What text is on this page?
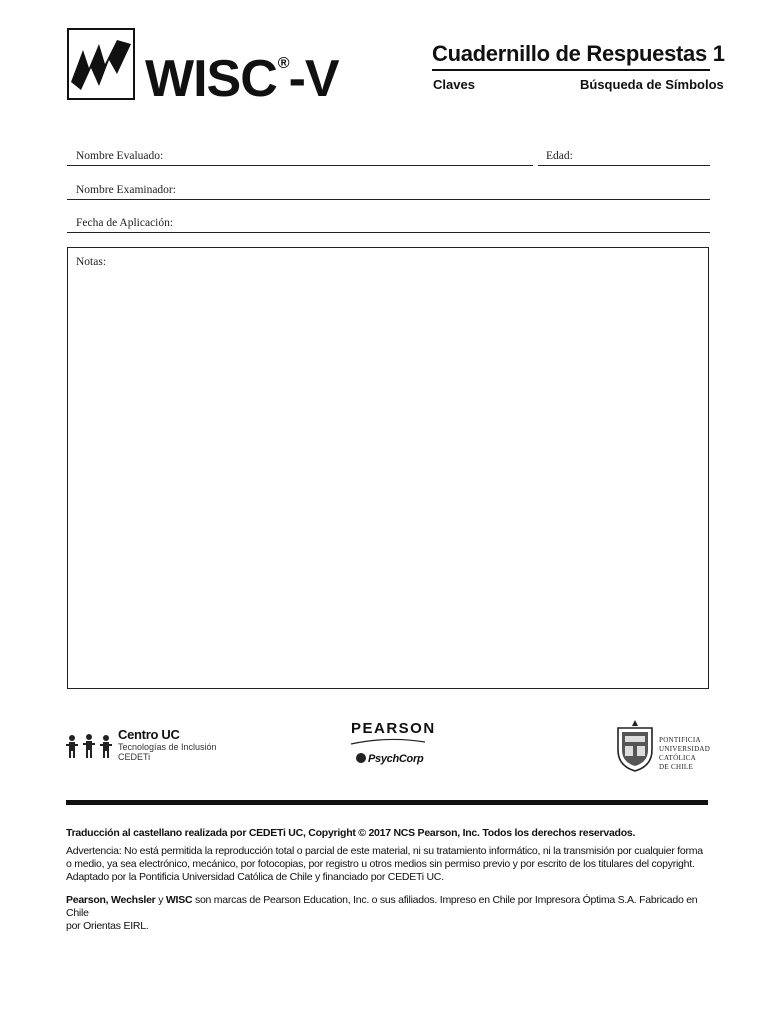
WISC®-V	Cuadernillo de Respuestas 1
Claves	Búsqueda de Símbolos
Nombre Evaluado:	Edad:
Nombre Examinador:
Fecha de Aplicación:
Notas:
Centro UC
Tecnologías de Inclusión
CEDETi
PEARSON
PsychCorp
PONTIFICIA
UNIVERSIDAD
CATÓLICA
DE CHILE
Traducción al castellano realizada por CEDETi UC, Copyright © 2017 NCS Pearson, Inc. Todos los derechos reservados.
Advertencia: No está permitida la reproducción total o parcial de este material, ni su tratamiento informático, ni la transmisión por cualquier forma
o medio, ya sea electrónico, mecánico, por fotocopias, por registro u otros medios sin permiso previo y por escrito de los titulares del copyright.
Adaptado por la Pontificia Universidad Católica de Chile y financiado por CEDETi UC.
Pearson, Wechsler y WISC son marcas de Pearson Education, Inc. o sus afiliados. Impreso en Chile por Impresora Óptima S.A. Fabricado en Chile
por Orientas EIRL.
